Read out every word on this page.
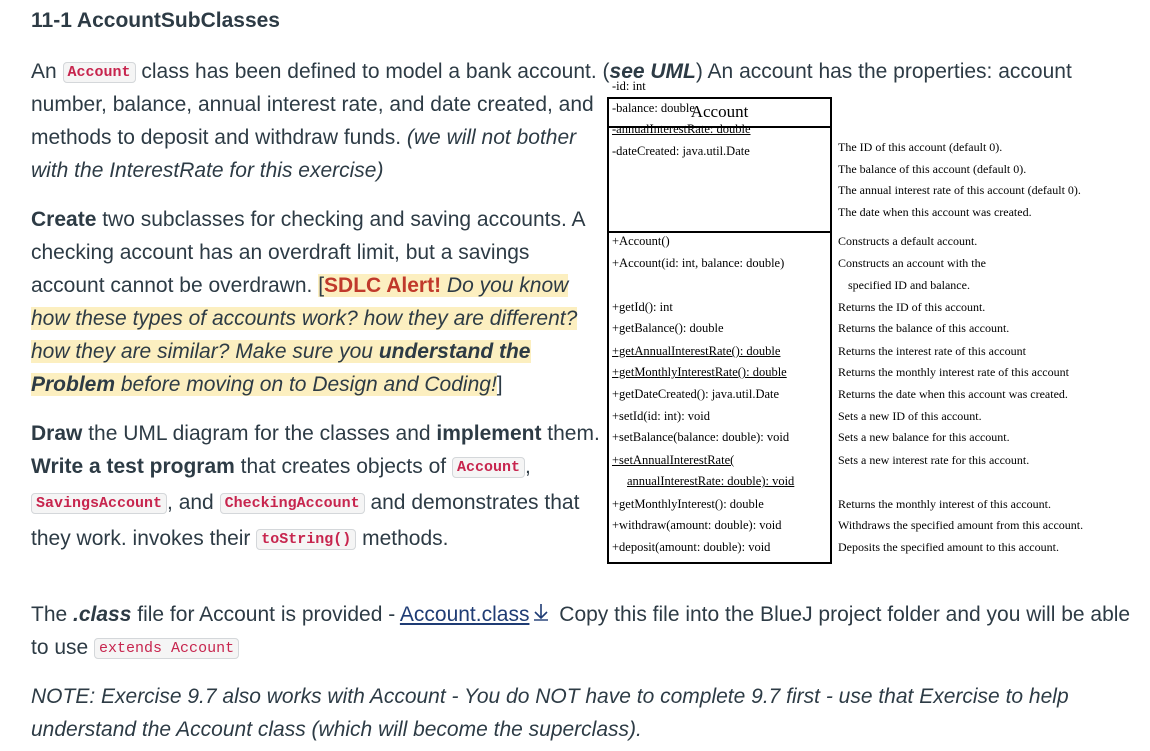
11-1 AccountSubClasses
An Account class has been defined to model a bank account. (see UML) An account has the properties: account

number, balance, annual interest rate, and date created, and methods to deposit and withdraw funds. (we will not bother with the InterestRate for this exercise)

Create two subclasses for checking and saving accounts. A checking account has an overdraft limit, but a savings account cannot be overdrawn. [SDLC Alert! Do you know how these types of accounts work? how they are different? how they are similar? Make sure you understand the Problem before moving on to Design and Coding!]

Draw the UML diagram for the classes and implement them. Write a test program that creates objects of Account , SavingsAccount , and CheckingAccount and demonstrates that they work. invokes their toString() methods.

Account
-id: int
-balance: double
-annualInterestRate: double
-dateCreated: java.util.Date
+Account()
+Account(id: int, balance: double)
+getId(): int
+getBalance(): double
+getAnnualInterestRate(): double
+getMonthlyInterestRate(): double
+getDateCreated(): java.util.Date
+setId(id: int): void
+setBalance(balance: double): void
+setAnnualInterestRate(
annualInterestRate: double): void
+getMonthlyInterest(): double
+withdraw(amount: double): void
+deposit(amount: double): void
The ID of this account (default 0).
The balance of this account (default 0).
The annual interest rate of this account (default 0).
The date when this account was created.
Constructs a default account.
Constructs an account with the
specified ID and balance.
Returns the ID of this account.
Returns the balance of this account.
Returns the interest rate of this account
Returns the monthly interest rate of this account
Returns the date when this account was created.
Sets a new ID of this account.
Sets a new balance for this account.
Sets a new interest rate for this account.
Returns the monthly interest of this account.
Withdraws the specified amount from this account.
Deposits the specified amount to this account.
The .class file for Account is provided - Account.class Copy this file into the BlueJ project folder and you will be able to use extends Account
NOTE: Exercise 9.7 also works with Account - You do NOT have to complete 9.7 first - use that Exercise to help understand the Account class (which will become the superclass).
